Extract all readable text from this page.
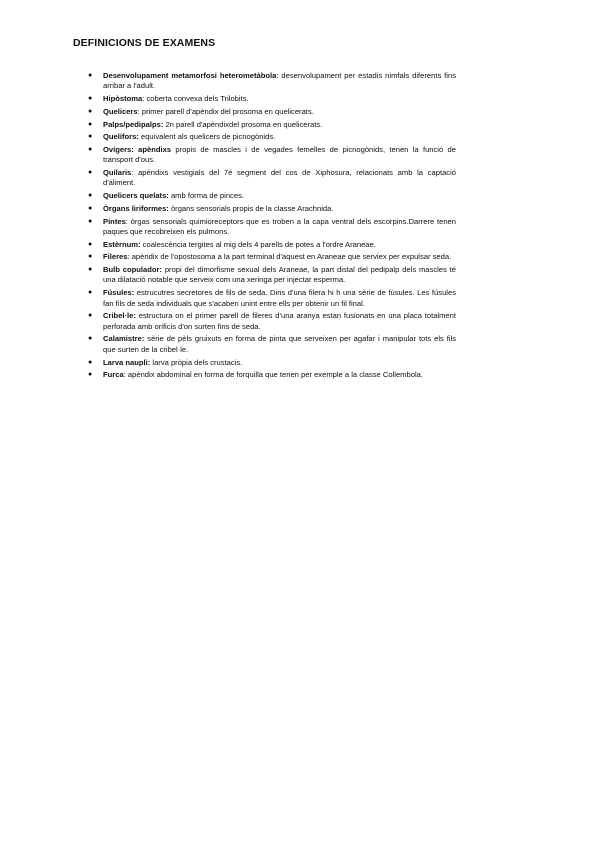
DEFINICIONS DE EXAMENS
● Desenvolupament metamorfosi heterometàbola: desenvolupament per estadis nimfals diferents fins arribar a l'adult.
● Hipòstoma: coberta convexa dels Trilobits.
● Quelicers: primer parell d'apèndix del prosoma en quelicerats.
● Palps/pedipalps: 2n parell d'apèndixdel prosoma en quelicerats.
● Quelífors: equivalent als quelicers de picnogònids.
● Ovígers: apèndixs propis de mascles i de vegades femelles de picnogònids, tenen la funció de transport d'ous.
● Quilaris: apèndixs vestigials del 7è segment del cos de Xiphosura, relacionats amb la captació d'aliment.
● Quelicers quelats: amb forma de pinces.
● Òrgans liriformes: òrgans sensorials propis de la classe Arachnida.
● Pintes: òrgas sensorials quimioreceptors que es troben a la capa ventral dels escorpins.Darrere tenen paques que recobreixen els pulmons.
● Estèrnum: coalescència tergites al mig dels 4 parells de potes a l'ordre Araneae.
● Fileres: apèndix de l'opostosoma a la part terminal d'aquest en Araneae que serviex per expulsar seda.
● Bulb copulador: propi del dimorfisme sexual dels Araneae, la part distal del pedipalp dels mascles té una dilatació notable que serveix com una xeringa per injectar esperma.
● Fúsules: estrucutres secretores de fils de seda. Dins d'una filera hi h una sèrie de fúsules. Les fúsules fan fils de seda individuals que s'acaben unint entre ells per obtenir un fil final.
● Cribel·le: estructura on el primer parell de fileres d'una aranya estan fusionats en una placa totalment perforada amb orificis d'on surten fins de seda.
● Calamistre: sèrie de pèls gruixuts en forma de pinta que serveixen per agafar i manipular tots els fils que surten de la cribel·le.
● Larva naupli: larva pròpia dels crustacis.
● Furca: apèndix abdominal en forma de forquilla que tenen per exemple a la classe Collembola.
